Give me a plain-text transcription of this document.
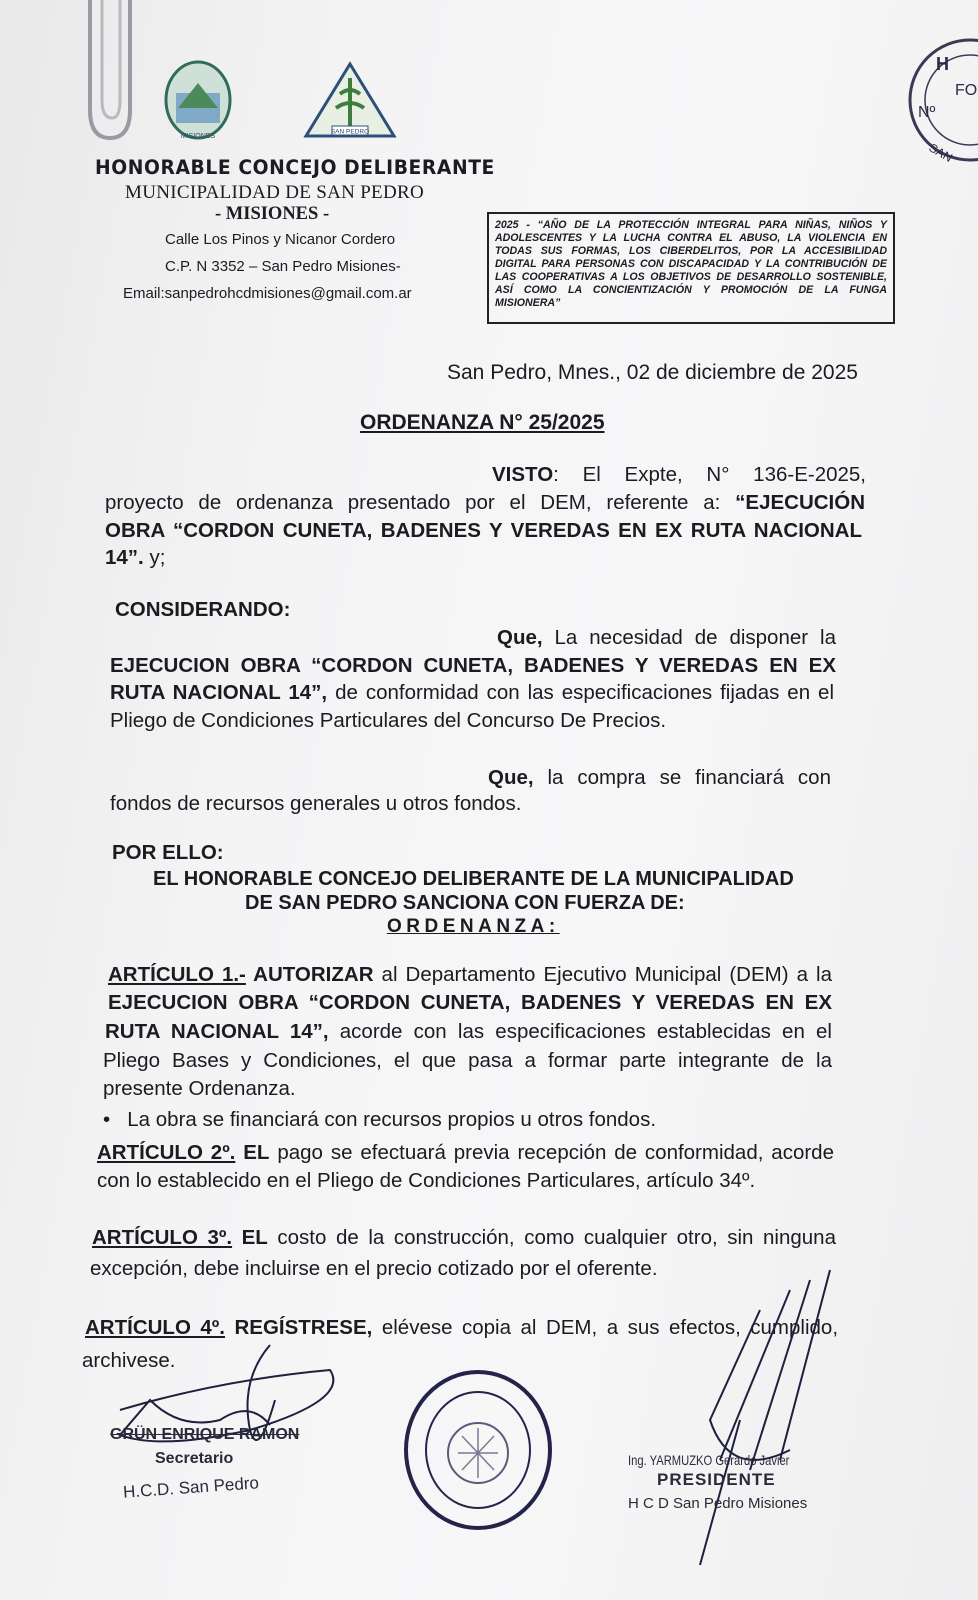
MISIONES
SAN PEDRO
H
FO
Nº
SAN
HONORABLE CONCEJO DELIBERANTE
MUNICIPALIDAD DE SAN PEDRO
- MISIONES -
Calle Los Pinos y Nicanor Cordero
C.P. N 3352 – San Pedro Misiones-
Email:sanpedrohcdmisiones@gmail.com.ar
2025 - “AÑO DE LA PROTECCIÓN INTEGRAL PARA NIÑAS, NIÑOS Y ADOLESCENTES Y LA LUCHA CONTRA EL ABUSO, LA VIOLENCIA EN TODAS SUS FORMAS, LOS CIBERDELITOS, POR LA ACCESIBILIDAD DIGITAL PARA PERSONAS CON DISCAPACIDAD Y LA CONTRIBUCIÓN DE LAS COOPERATIVAS A LOS OBJETIVOS DE DESARROLLO SOSTENIBLE, ASÍ COMO LA CONCIENTIZACIÓN Y PROMOCIÓN DE LA FUNGA MISIONERA”
San Pedro, Mnes., 02 de diciembre de 2025
ORDENANZA N° 25/2025
VISTO: El Expte, N° 136-E-2025,
proyecto de ordenanza presentado por el DEM, referente a: “EJECUCIÓN
OBRA “CORDON CUNETA, BADENES Y VEREDAS EN EX RUTA NACIONAL
14”. y;
CONSIDERANDO:
Que, La necesidad de disponer la
EJECUCION OBRA “CORDON CUNETA, BADENES Y VEREDAS EN EX
RUTA NACIONAL 14”, de conformidad con las especificaciones fijadas en el
Pliego de Condiciones Particulares del Concurso De Precios.
Que, la compra se financiará con
fondos de recursos generales u otros fondos.
POR ELLO:
EL HONORABLE CONCEJO DELIBERANTE DE LA MUNICIPALIDAD
DE SAN PEDRO SANCIONA CON FUERZA DE:
ORDENANZA:
ARTÍCULO 1.- AUTORIZAR al Departamento Ejecutivo Municipal (DEM) a la
EJECUCION OBRA “CORDON CUNETA, BADENES Y VEREDAS EN EX
RUTA NACIONAL 14”, acorde con las especificaciones establecidas en el
Pliego Bases y Condiciones, el que pasa a formar parte integrante de la
presente Ordenanza.
•   La obra se financiará con recursos propios u otros fondos.
ARTÍCULO 2º. EL pago se efectuará previa recepción de conformidad, acorde
con lo establecido en el Pliego de Condiciones Particulares, artículo 34º.
ARTÍCULO 3º. EL costo de la construcción, como cualquier otro, sin ninguna
excepción, debe incluirse en el precio cotizado por el oferente.
ARTÍCULO 4º. REGÍSTRESE, elévese copia al DEM, a sus efectos, cumplido,
archivese.
GRÜN ENRIQUE RAMON
Secretario
H.C.D. San Pedro
Ing. YARMUZKO Gerardo Javier
PRESIDENTE
H C D San Pedro Misiones
